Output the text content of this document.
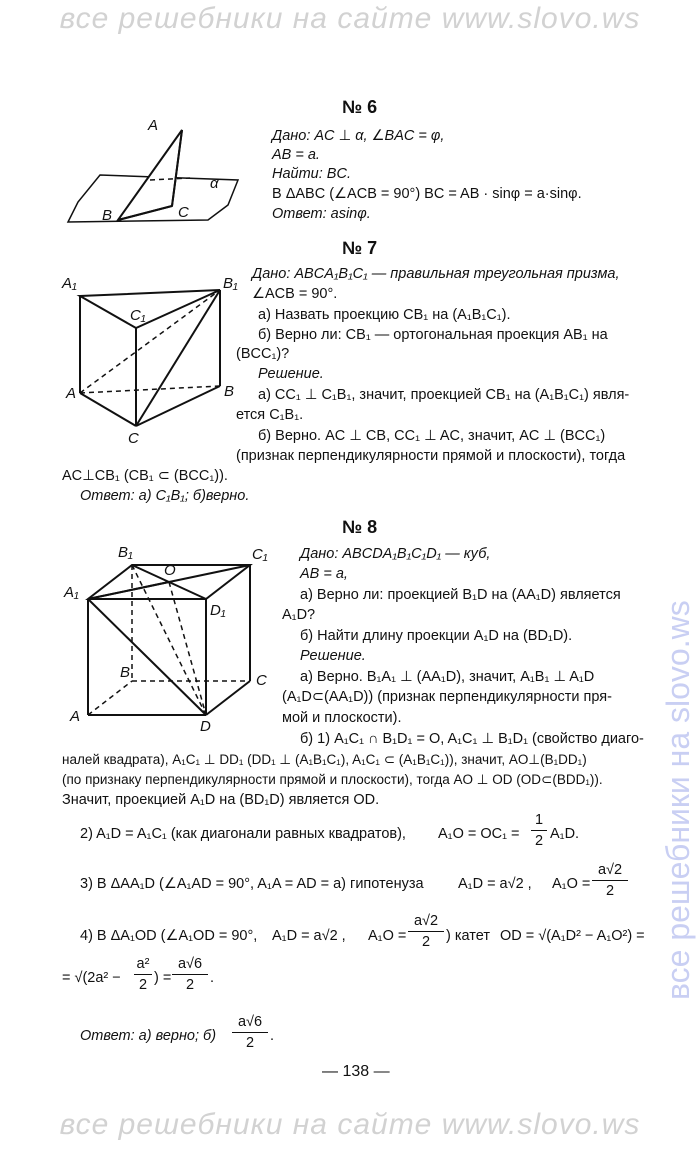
все решебники на сайте www.slovo.ws
все решебники на сайте www.slovo.ws
все решебники на slovo.ws
№ 6
A
B	C
α
Дано: AC ⊥ α, ∠BAC = φ,
AB = a.
Найти: BC.
В ΔABC (∠ACB = 90°) BC = AB · sinφ = a·sinφ.
Ответ: asinφ.
№ 7
A₁	B₁
C₁
A	B
C
Дано: ABCA₁B₁C₁ — правильная треугольная призма,
∠ACB = 90°.
а) Назвать проекцию CB₁ на (A₁B₁C₁).
б) Верно ли: CB₁ — ортогональная проекция AB₁ на
(BCC₁)?
Решение.
а) CC₁ ⊥ C₁B₁, значит, проекцией CB₁ на (A₁B₁C₁) явля-
ется C₁B₁.
б) Верно. AC ⊥ CB, CC₁ ⊥ AC, значит, AC ⊥ (BCC₁)
(признак перпендикулярности прямой и плоскости), тогда
AC⊥CB₁ (CB₁ ⊂ (BCC₁)).
Ответ: а) C₁B₁; б)верно.
№ 8
B₁
O
C₁
A₁
D₁
B	C
A
D
Дано: ABCDA₁B₁C₁D₁ — куб,
AB = a,
а) Верно ли: проекцией B₁D на (AA₁D) является
A₁D?
б) Найти длину проекции A₁D на (BD₁D).
Решение.
а) Верно. B₁A₁ ⊥ (AA₁D), значит, A₁B₁ ⊥ A₁D
(A₁D⊂(AA₁D)) (признак перпендикулярности пря-
мой и плоскости).
б) 1) A₁C₁ ∩ B₁D₁ = O, A₁C₁ ⊥ B₁D₁ (свойство диаго-
налей квадрата), A₁C₁ ⊥ DD₁ (DD₁ ⊥ (A₁B₁C₁), A₁C₁ ⊂ (A₁B₁C₁)), значит, AO⊥(B₁DD₁)
(по признаку перпендикулярности прямой и плоскости), тогда AO ⊥ OD (OD⊂(BDD₁)).
Значит, проекцией A₁D на (BD₁D) является OD.
2) A₁D = A₁C₁ (как диагонали равных квадратов), A₁O = OC₁ =
1
2 A₁D.
3) В ΔAA₁D (∠A₁AD = 90°, A₁A = AD = a) гипотенуза A₁D = a√2 , A₁O =
a√2
2
4) В ΔA₁OD (∠A₁OD = 90°, A₁D = a√2 , A₁O =
a√2
2	) катет OD = √(A₁D² − A₁O²) =
= √(2a² −
a²
2 ) =
a√6
2	.
Ответ: а) верно; б)
a√6
2	.
— 138 —
